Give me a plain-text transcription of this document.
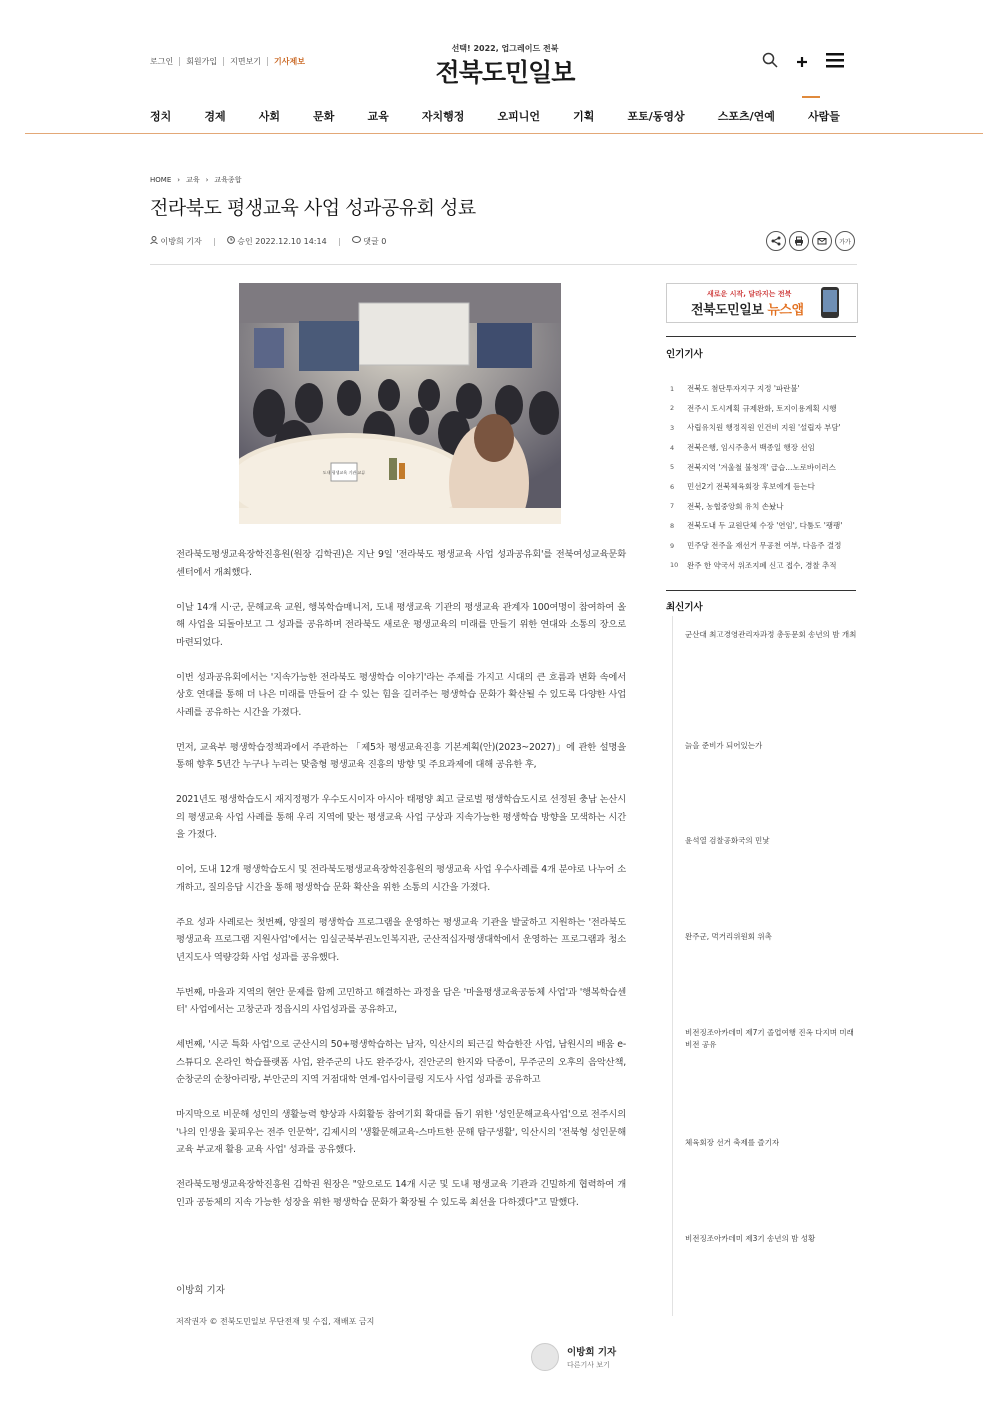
로그인	회원가입	지면보기	기사제보
선택! 2022, 업그레이드 전북
전북도민일보
정치	경제	사회	문화	교육	자치행정	오피니언	기획	포토/동영상	스포츠/연예	사람들
HOME › 교육 › 교육종합
전라북도 평생교육 사업 성과공유회 성료
이방희 기자	승인 2022.12.10 14:14	댓글 0	가가
도내 평생교육 기관 교류

전라북도평생교육장학진흥원(원장 김학권)은 지난 9일 '전라북도 평생교육 사업 성과공유회'를 전북여성교육문화센터에서 개최했다.

이날 14개 시·군, 문해교육 교원, 행복학습매니저, 도내 평생교육 기관의 평생교육 관계자 100여명이 참여하여 올해 사업을 되돌아보고 그 성과를 공유하며 전라북도 새로운 평생교육의 미래를 만들기 위한 연대와 소통의 장으로 마련되었다.

이번 성과공유회에서는 '지속가능한 전라북도 평생학습 이야기'라는 주제를 가지고 시대의 큰 흐름과 변화 속에서 상호 연대를 통해 더 나은 미래를 만들어 갈 수 있는 힘을 길러주는 평생학습 문화가 확산될 수 있도록 다양한 사업사례를 공유하는 시간을 가졌다.

먼저, 교육부 평생학습정책과에서 주관하는 「제5차 평생교육진흥 기본계획(안)(2023~2027)」에 관한 설명을 통해 향후 5년간 누구나 누리는 맞춤형 평생교육 진흥의 방향 및 주요과제에 대해 공유한 후,

2021년도 평생학습도시 재지정평가 우수도시이자 아시아 태평양 최고 글로벌 평생학습도시로 선정된 충남 논산시의 평생교육 사업 사례를 통해 우리 지역에 맞는 평생교육 사업 구상과 지속가능한 평생학습 방향을 모색하는 시간을 가졌다.

이어, 도내 12개 평생학습도시 및 전라북도평생교육장학진흥원의 평생교육 사업 우수사례를 4개 분야로 나누어 소개하고, 질의응답 시간을 통해 평생학습 문화 확산을 위한 소통의 시간을 가졌다.

주요 성과 사례로는 첫번째, 양질의 평생학습 프로그램을 운영하는 평생교육 기관을 발굴하고 지원하는 '전라북도 평생교육 프로그램 지원사업'에서는 임실군북부권노인복지관, 군산적십자평생대학에서 운영하는 프로그램과 청소년지도사 역량강화 사업 성과를 공유했다.

두번째, 마을과 지역의 현안 문제를 함께 고민하고 해결하는 과정을 담은 '마을평생교육공동체 사업'과 '행복학습센터' 사업에서는 고창군과 정읍시의 사업성과를 공유하고,

세번째, '시군 특화 사업'으로 군산시의 50+평생학습하는 남자, 익산시의 퇴근길 학습한잔 사업, 남원시의 배움 e-스튜디오 온라인 학습플랫폼 사업, 완주군의 나도 완주강사, 진안군의 한지와 닥종이, 무주군의 오후의 음악산책, 순창군의 순창아리랑, 부안군의 지역 거점대학 연계-업사이클링 지도사 사업 성과를 공유하고

마지막으로 비문해 성인의 생활능력 향상과 사회활동 참여기회 확대를 돕기 위한 '성인문해교육사업'으로 전주시의 '나의 인생을 꽃피우는 전주 인문학', 김제시의 '생활문해교육-스마트한 문해 탐구생활', 익산시의 '전북형 성인문해교육 부교재 활용 교육 사업' 성과를 공유했다.

전라북도평생교육장학진흥원 김학권 원장은 "앞으로도 14개 시군 및 도내 평생교육 기관과 긴밀하게 협력하여 개인과 공동체의 지속 가능한 성장을 위한 평생학습 문화가 확장될 수 있도록 최선을 다하겠다"고 말했다.

이방희 기자
저작권자 © 전북도민일보 무단전재 및 수집, 재배포 금지
이방희 기자
다른기사 보기
새로운 시작, 달라지는 전북
전북도민일보 뉴스앱
인기기사
1	전북도 첨단투자지구 지정 '파란불'
2	전주시 도시계획 규제완화, 토지이용계획 시행
3	사립유치원 행정직원 인건비 지원 '설립자 부담'
4	전북은행, 임시주총서 백종일 행장 선임
5	전북지역 '겨울철 불청객' 급습...노로바이러스
6	민선2기 전북체육회장 후보에게 듣는다
7	전북, 농협중앙회 유치 손놨나
8	전북도내 두 교원단체 수장 '연임', 다툼도 '팽팽'
9	민주당 전주을 재선거 무공천 여부, 다음주 결정
10	완주 한 약국서 위조지폐 신고 접수, 경찰 추적
최신기사
군산대 최고경영관리자과정 총동문회 송년의 밤 개최
늙을 준비가 되어있는가
윤석열 검찰공화국의 민낯
완주군, 먹거리위원회 위촉
비전징조아카데미 제7기 졸업여행 진옥 다지며 미래비전 공유
체육회장 선거 축제를 즐기자
비전징조아카데미 제3기 송년의 밤 성황
